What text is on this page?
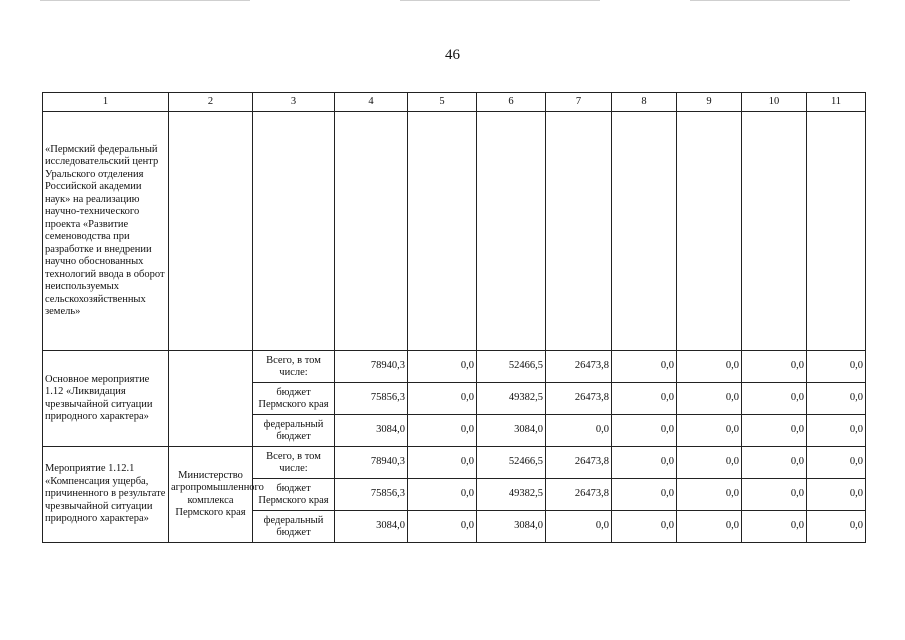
46
1	2	3	4	5	6	7	8	9	10	11
«Пермский федеральный исследовательский центр Уральского отделения Российской академии наук» на реализацию научно-технического проекта «Развитие семеноводства при разработке и внедрении научно обоснованных технологий ввода в оборот неиспользуемых сельскохозяйственных земель»										
Основное мероприятие 1.12 «Ликвидация чрезвычайной ситуации природного характера»		Всего, в том числе:	78940,3	0,0	52466,5	26473,8	0,0	0,0	0,0	0,0
		бюджет Пермского края	75856,3	0,0	49382,5	26473,8	0,0	0,0	0,0	0,0
		федеральный бюджет	3084,0	0,0	3084,0	0,0	0,0	0,0	0,0	0,0
Мероприятие 1.12.1 «Компенсация ущерба, причиненного в результате чрезвычайной ситуации природного характера»	Министерство агропромышленного комплекса Пермского края	Всего, в том числе:	78940,3	0,0	52466,5	26473,8	0,0	0,0	0,0	0,0
		бюджет Пермского края	75856,3	0,0	49382,5	26473,8	0,0	0,0	0,0	0,0
		федеральный бюджет	3084,0	0,0	3084,0	0,0	0,0	0,0	0,0	0,0
